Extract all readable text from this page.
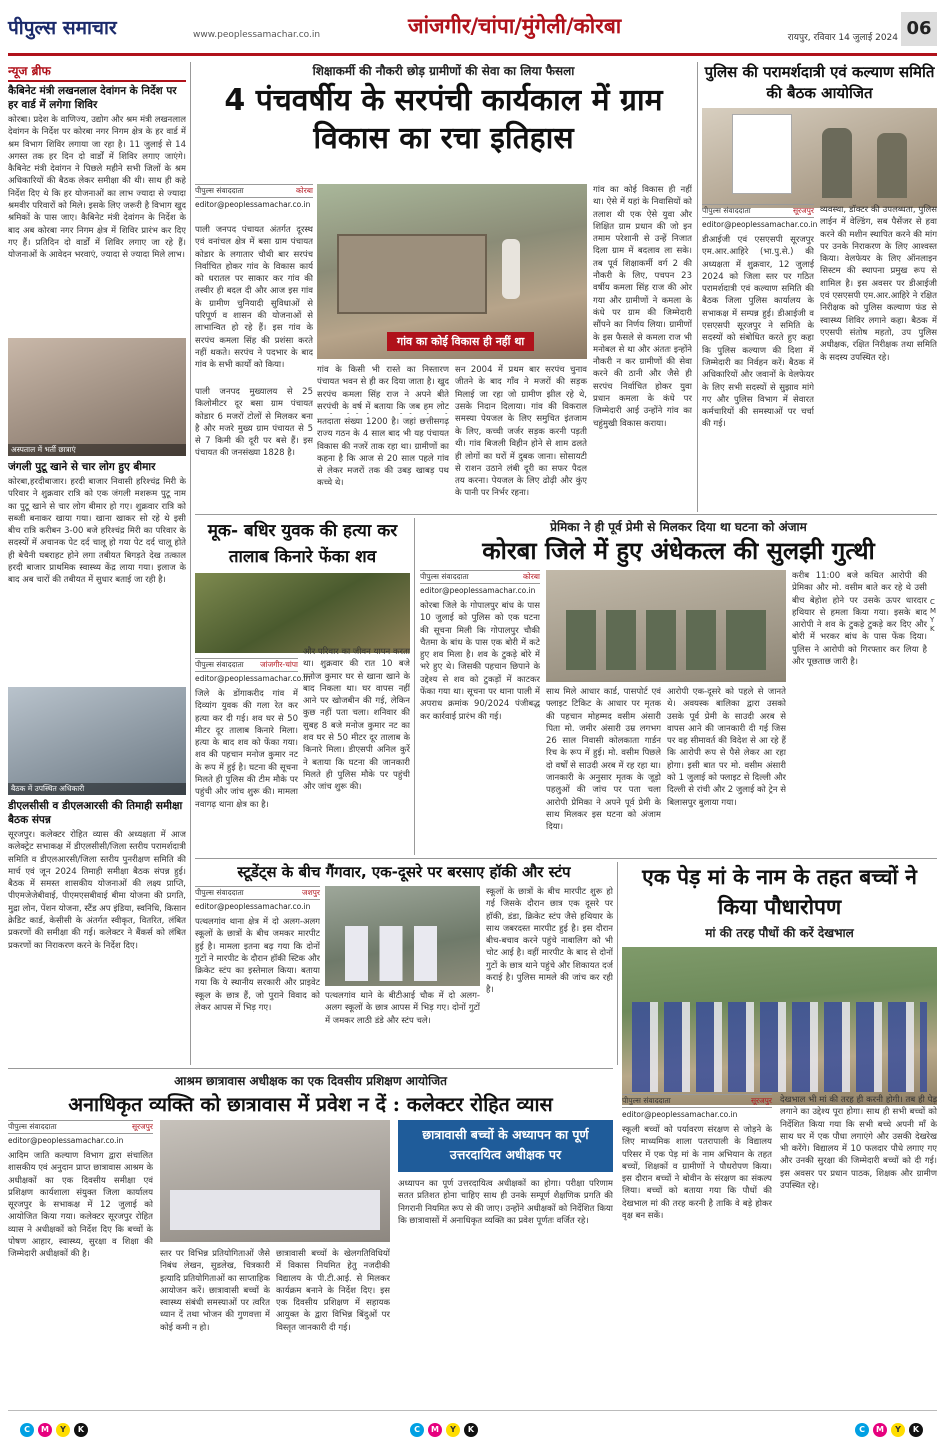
पीपुल्स समाचार	www.peoplessamachar.co.in	जांजगीर/चांपा/मुंगेली/कोरबा	रायपुर, रविवार 14 जुलाई 2024 06
न्यूज ब्रीफ
कैबिनेट मंत्री लखनलाल देवांगन के निर्देश पर हर वार्ड में लगेगा शिविर
कोरबा। प्रदेश के वाणिज्य, उद्योग और श्रम मंत्री लखनलाल देवांगन के निर्देश पर कोरबा नगर निगम क्षेत्र के हर वार्ड में श्रम विभाग शिविर लगाया जा रहा है। 11 जुलाई से 14 अगस्त तक हर दिन दो वार्डों में शिविर लगाए जाएंगे। कैबिनेट मंत्री देवांगन ने पिछले महीने सभी जिलों के श्रम अधिकारियों की बैठक लेकर समीक्षा की थी। साथ ही कहे निर्देश दिए थे कि हर योजनाओं का लाभ ज्यादा से ज्यादा श्रमवीर परिवारों को मिले। इसके लिए जरूरी है विभाग खुद श्रमिकों के पास जाए। कैबिनेट मंत्री देवांगन के निर्देश के बाद अब कोरबा नगर निगम क्षेत्र में शिविर प्रारंभ कर दिए गए हैं। प्रतिदिन दो वार्डों में शिविर लगाए जा रहे हैं। योजनाओं के आवेदन भरवाएं, ज्यादा से ज्यादा मिले लाभ।
अस्पताल में भर्ती छात्राएं
जंगली पुटू खाने से चार लोग हुए बीमार
कोरबा,हरदीबाजार। हरदी बाजार निवासी हरिश्चंद्र मिरी के परिवार ने शुक्रवार रात्रि को एक जंगली मशरूम पुटू नाम का पुटू खाने से चार लोग बीमार हो गए। शुक्रवार रात्रि को सब्जी बनाकर खाया गया। खाना खाकर सो रहे थे इसी बीच रात्रि करीबन 3-00 बजे हरिश्चंद्र मिरी का परिवार के सदस्यों में अचानक पेट दर्द चालू हो गया पेट दर्द चालू होते ही बेचैनी घबराहट होने लगा तबीयत बिगड़ते देख तत्काल हरदी बाजार प्राथमिक स्वास्थ्य केंद्र लाया गया। इलाज के बाद अब चारों की तबीयत में सुधार बताई जा रही है।
बैठक में उपस्थित अधिकारी
डीएलसीसी व डीएलआरसी की तिमाही समीक्षा बैठक संपन्न
सूरजपुर। कलेक्टर रोहित व्यास की अध्यक्षता में आज कलेक्ट्रेट सभाकक्ष में डीएलसीसी/जिला स्तरीय परामर्शदात्री समिति व डीएलआरसी/जिला स्तरीय पुनरीक्षण समिति की मार्च एवं जून 2024 तिमाही समीक्षा बैठक संपन्न हुई। बैठक में समस्त शासकीय योजनाओं की लक्ष्य प्राप्ति, पीएमजेजेबीवाई, पीएमएसबीवाई बीमा योजना की प्रगति, मुद्रा लोन, पेंशन योजना, स्टैंड अप इंडिया, स्वनिधि, किसान क्रेडिट कार्ड, केसीसी के अंतर्गत स्वीकृत, वितरित, लंबित प्रकरणों की समीक्षा की गई। कलेक्टर ने बैंकर्स को लंबित प्रकरणों का निराकरण करने के निर्देश दिए।
शिक्षाकर्मी की नौकरी छोड़ ग्रामीणों की सेवा का लिया फैसला
4 पंचवर्षीय के सरपंची कार्यकाल में ग्राम विकास का रचा इतिहास
पीपुल्स संवाददाता	कोरबा
editor@peoplessamachar.co.in
गांव का कोई विकास ही नहीं था
पाली जनपद पंचायत अंतर्गत दूरस्थ एवं वनांचल क्षेत्र में बसा ग्राम पंचायत कोडार के लगातार चौथी बार सरपंच निर्वाचित होकर गांव के विकास कार्य को धरातल पर साकार कर गांव की तस्वीर ही बदल दी और आज इस गांव के ग्रामीण चुनियादी सुविधाओं से परिपूर्ण व शासन की योजनाओं से लाभान्वित हो रहे हैं। इस गांव के सरपंच कमला सिंह की प्रशंसा करते नहीं थकते। सरपंच ने पदभार के बाद गांव के सभी कार्यों को किया।
पाली जनपद मुख्यालय से 25 किलोमीटर दूर बसा ग्राम पंचायत कोडार 6 मजरों टोलों से मिलकर बना है और मजरे मुख्य ग्राम पंचायत से 5 से 7 किमी की दूरी पर बसे हैं। इस पंचायत की जनसंख्या 1828 है।
गांव के किसी भी रास्ते का निस्तारण पंचायत भवन से ही कर दिया जाता है। खुद सरपंच कमला सिंह राज ने अपने बीते सरपंची के वर्ष में बताया कि जब हम लोट
मतदाता संख्या 1200 है। जहां छत्तीसगढ़ राज्य गठन के 4 साल बाद भी यह पंचायत विकास की नजरें ताक रहा था। ग्रामीणों का कहना है कि आज से 20 साल पहले गांव से लेकर मजरों तक की उबड़ खाबड़ पथ कच्चे थे।
सन 2004 में प्रथम बार सरपंच चुनाव जीतने के बाद गाँव ने मजरों की सड़क मिलाई जा रहा जो ग्रामीण झील रहे थे, उसके निदान दिलाया। गांव की विकराल समस्या पेयजल के लिए समुचित इंतजाम
के लिए, कच्ची जर्जर सड़क करनी पड़ती थी। गांव बिजली विहीन होने से शाम ढलते ही लोगों का घरों में दुबक जाना। सोसायटी से राशन उठाने लंबी दूरी का सफर पैदल तय करना। पेयजल के लिए ढोढ़ी और कुंए के पानी पर निर्भर रहना।
गांव का कोई विकास ही नहीं था। ऐसे में यहां के निवासियों को तलाश थी एक ऐसे युवा और शिक्षित ग्राम प्रधान की जो इन तमाम परेशानी से उन्हें निजात दिला ग्राम में बदलाव ला सके। तब पूर्व शिक्षाकर्मी वर्ग 2 की नौकरी के लिए, पचपन 23 वर्षीय कमला सिंह राज की ओर गया और ग्रामीणों ने कमला के कंधे पर ग्राम की जिम्मेदारी सौंपने का निर्णय लिया। ग्रामीणों के इस फैसले से कमला राज भी मनोबल से था और अंततः इन्होंने नौकरी न कर ग्रामीणों की सेवा करने की ठानी और जैसे ही सरपंच निर्वाचित होकर युवा प्रधान कमला के कंधे पर जिम्मेदारी आई उन्होंने गांव का चहुंमुखी विकास कराया।
पुलिस की परामर्शदात्री एवं कल्याण समिति की बैठक आयोजित
पीपुल्स संवाददाता	सूरजपुर
editor@peoplessamachar.co.in
डीआईजी एवं एसएसपी सूरजपुर एम.आर.आहिरे (भा.पु.से.) की अध्यक्षता में शुक्रवार, 12 जुलाई 2024 को जिला स्तर पर गठित परामर्शदात्री एवं कल्याण समिति की बैठक जिला पुलिस कार्यालय के सभाकक्ष में सम्पन्न हुई। डीआईजी व एसएसपी सूरजपुर ने समिति के सदस्यों को संबोधित करते हुए कहा कि पुलिस कल्याण की दिशा में जिम्मेदारी का निर्वहन करें। बैठक में अधिकारियों और जवानों के वेलफेयर के लिए सभी सदस्यों से सुझाव मांगे गए और पुलिस विभाग में सेवारत कर्मचारियों की समस्याओं पर चर्चा की गई।
व्यवस्था, डॉक्टर की उपलब्धता, पुलिस लाईन में वेल्डिंग, सब पैसेंजर से हवा करने की मशीन स्थापित करने की मांग पर उनके निराकरण के लिए आश्वस्त किया। वेलफेयर के लिए ऑनलाइन सिस्टम की स्थापना प्रमुख रूप से शामिल है। इस अवसर पर डीआईजी एवं एसएसपी एम.आर.आहिरे ने रक्षित निरीक्षक को पुलिस कल्याण फंड से स्वास्थ्य शिविर लगाने कहा। बैठक में एएसपी संतोष महतो, उप पुलिस अधीक्षक, रक्षित निरीक्षक तथा समिति के सदस्य उपस्थित रहे।
मूक- बधिर युवक की हत्या कर तालाब किनारे फेंका शव
पीपुल्स संवाददाता जांजगीर-चांपा
editor@peoplessamachar.co.in
जिले के डोंगाकरीद गांव में दिव्यांग युवक की गला रेत कर हत्या कर दी गई। शव घर से 50 मीटर दूर तालाब किनारे मिला। हत्या के बाद शव को फेंका गया। शव की पहचान मनोज कुमार नट के रूप में हुई है। घटना की सूचना मिलते ही पुलिस की टीम मौके पर पहुंची और जांच शुरू की। मामला नवागढ़ थाना क्षेत्र का है।
और परिवार का जीवन यापन करता था। शुक्रवार की रात 10 बजे मनोज कुमार घर से खाना खाने के बाद निकला था। घर वापस नहीं आने पर खोजबीन की गई, लेकिन कुछ नहीं पता चला। शनिवार की सुबह 8 बजे मनोज कुमार नट का शव घर से 50 मीटर दूर तालाब के किनारे मिला। डीएसपी अनिल कुर्रे ने बताया कि घटना की जानकारी मिलते ही पुलिस मौके पर पहुंची और जांच शुरू की।
प्रेमिका ने ही पूर्व प्रेमी से मिलकर दिया था घटना को अंजाम
कोरबा जिले में हुए अंधेकत्ल की सुलझी गुत्थी
पीपुल्स संवाददाता	कोरबा
editor@peoplessamachar.co.in
कोरबा जिले के गोपालपुर बांध के पास 10 जुलाई को पुलिस को एक घटना की सूचना मिली कि गोपालपुर चौकी चैतमा के बांध के पास एक बोरी में कटे हुए शव मिला है। शव के टुकड़े बोरे में भरे हुए थे। जिसकी पहचान छिपाने के उद्देश्य से शव को टुकड़ों में काटकर फेंका गया था। सूचना पर थाना पाली में अपराध क्रमांक 90/2024 पंजीबद्ध कर कार्रवाई प्रारंभ की गई।
साथ मिले आधार कार्ड, पासपोर्ट एवं फ्लाइट टिकिट के आधार पर मृतक की पहचान मोहम्मद वसीम अंसारी पिता मो. जमीर अंसारी उम्र लगभग 26 साल निवासी कोलकाता गार्डन रिच के रूप में हुई। मो. वसीम पिछले दो वर्षों से साउदी अरब में रह रहा था। जानकारी के अनुसार मृतक के जूड़ो पहलुओं की जांच पर पता चला आरोपी प्रेमिका ने अपने पूर्व प्रेमी के साथ मिलकर इस घटना को अंजाम दिया।
आरोपी एक-दूसरे को पहले से जानते थे। अवयस्क बालिका द्वारा उसको उसके पूर्व प्रेमी के साउदी अरब से वापस आने की जानकारी दी गई जिस पर वह सीमावर्त की विदेश से आ रहे हैं कि आरोपी रूप से पैसे लेकर आ रहा होगा। इसी बात पर मो. वसीम अंसारी को 1 जुलाई को फ्लाइट से दिल्ली और दिल्ली से रांची और 2 जुलाई को ट्रेन से बिलासपुर बुलाया गया।
करीब 11:00 बजे कथित आरोपी की प्रेमिका और मो. वसीम बाते कर रहे थे उसी बीच बेहोश होने पर उसके ऊपर धारदार हथियार से हमला किया गया। इसके बाद आरोपी ने शव के टुकड़े टुकड़े कर दिए और बोरी में भरकर बांध के पास फेंक दिया। पुलिस ने आरोपी को गिरफ्तार कर लिया है और पूछताछ जारी है।
C
M
Y
K
स्टूडेंट्स के बीच गैंगवार, एक-दूसरे पर बरसाए हॉकी और स्टंप
पीपुल्स संवाददाता	जशपुर
editor@peoplessamachar.co.in
पत्थलगांव थाना क्षेत्र में दो अलग-अलग स्कूलों के छात्रों के बीच जमकर मारपीट हुई है। मामला इतना बढ़ गया कि दोनों गुटों ने मारपीट के दौरान हॉकी स्टिक और क्रिकेट स्टंप का इस्तेमाल किया। बताया गया कि ये स्थानीय सरकारी और प्राइवेट स्कूल के छात्र हैं, जो पुराने विवाद को लेकर आपस में भिड़ गए।
पत्थलगांव थाने के बीटीआई चौक में दो अलग-अलग स्कूलों के छात्र आपस में भिड़ गए। दोनों गुटों में जमकर लाठी डंडे और स्टंप चले।
स्कूलों के छात्रों के बीच मारपीट शुरू हो गई जिसके दौरान छात्र एक दूसरे पर हॉकी, डंडा, क्रिकेट स्टंप जैसे हथियार के साथ जबरदस्त मारपीट हुई है। इस दौरान बीच-बचाव करने पहुंचे नाबालिग को भी चोट आई है। वहीं मारपीट के बाद से दोनों गुटों के छात्र थाने पहुंचे और शिकायत दर्ज कराई है। पुलिस मामले की जांच कर रही है।
एक पेड़ मां के नाम के तहत बच्चों ने किया पौधारोपण
मां की तरह पौधों की करें देखभाल
पीपुल्स संवाददाता	सूरजपुर
editor@peoplessamachar.co.in
स्कूली बच्चों को पर्यावरण संरक्षण से जोड़ने के लिए माध्यमिक शाला पतरापाली के विद्यालय परिसर में एक पेड़ मां के नाम अभियान के तहत बच्चों, शिक्षकों व ग्रामीणों ने पौधरोपण किया। इस दौरान बच्चों ने बोवीन के संरक्षण का संकल्प लिया। बच्चों को बताया गया कि पौधों की देखभाल मां की तरह करनी है ताकि वे बड़े होकर वृक्ष बन सकें।
देखभाल भी मां की तरह ही करनी होगी। तब ही पेड़ लगाने का उद्देश्य पूरा होगा। साथ ही सभी बच्चों को निर्देशित किया गया कि सभी बच्चे अपनी माँ के साथ घर में एक पौधा लगाएंगे और उसकी देखरेख भी करेंगे। विद्यालय में 10 फलदार पौधे लगाए गए और उनकी सुरक्षा की जिम्मेदारी बच्चों को दी गई। इस अवसर पर प्रधान पाठक, शिक्षक और ग्रामीण उपस्थित रहे।
आश्रम छात्रावास अधीक्षक का एक दिवसीय प्रशिक्षण आयोजित
अनाधिकृत व्यक्ति को छात्रावास में प्रवेश न दें : कलेक्टर रोहित व्यास
पीपुल्स संवाददाता	सूरजपुर
editor@peoplessamachar.co.in
आदिम जाति कल्याण विभाग द्वारा संचालित शासकीय एवं अनुदान प्राप्त छात्रावास आश्रम के अधीक्षकों का एक दिवसीय समीक्षा एवं प्रशिक्षण कार्यशाला संयुक्त जिला कार्यालय सूरजपुर के सभाकक्ष में 12 जुलाई को आयोजित किया गया। कलेक्टर सूरजपुर रोहित व्यास ने अधीक्षकों को निर्देश दिए कि बच्चों के पोषण आहार, स्वास्थ्य, सुरक्षा व शिक्षा की जिम्मेदारी अधीक्षकों की है।
छात्रावासी बच्चों के अध्यापन का पूर्ण उत्तरदायित्व अधीक्षक पर
स्तर पर विभिन्न प्रतियोगिताओं जैसे निबंध लेखन, सुडलेख, चित्रकारी इत्यादि प्रतियोगिताओं का साप्ताहिक आयोजन करें। छात्रावासी बच्चों के स्वास्थ्य संबंधी समस्याओं पर त्वरित ध्यान दें तथा भोजन की गुणवत्ता में कोई कमी न हो।
छात्रावासी बच्चों के खेलगतिविधियों में विकास नियमित हेतु नजदीकी विद्यालय के पी.टी.आई. से मिलकर कार्यक्रम बनाने के निर्देश दिए। इस एक दिवसीय प्रशिक्षण में सहायक आयुक्त के द्वारा विभिन्न बिंदुओं पर विस्तृत जानकारी दी गई।
अध्यापन का पूर्ण उत्तरदायित्व अधीक्षकों का होगा। परीक्षा परिणाम सतत प्रतिशत होना चाहिए साथ ही उनके सम्पूर्ण शैक्षणिक प्रगति की निगरानी नियमित रूप से की जाए। उन्होंने अधीक्षकों को निर्देशित किया कि छात्रावासों में अनाधिकृत व्यक्ति का प्रवेश पूर्णतः वर्जित रहे।
C M Y K	C M Y K	C M Y K
